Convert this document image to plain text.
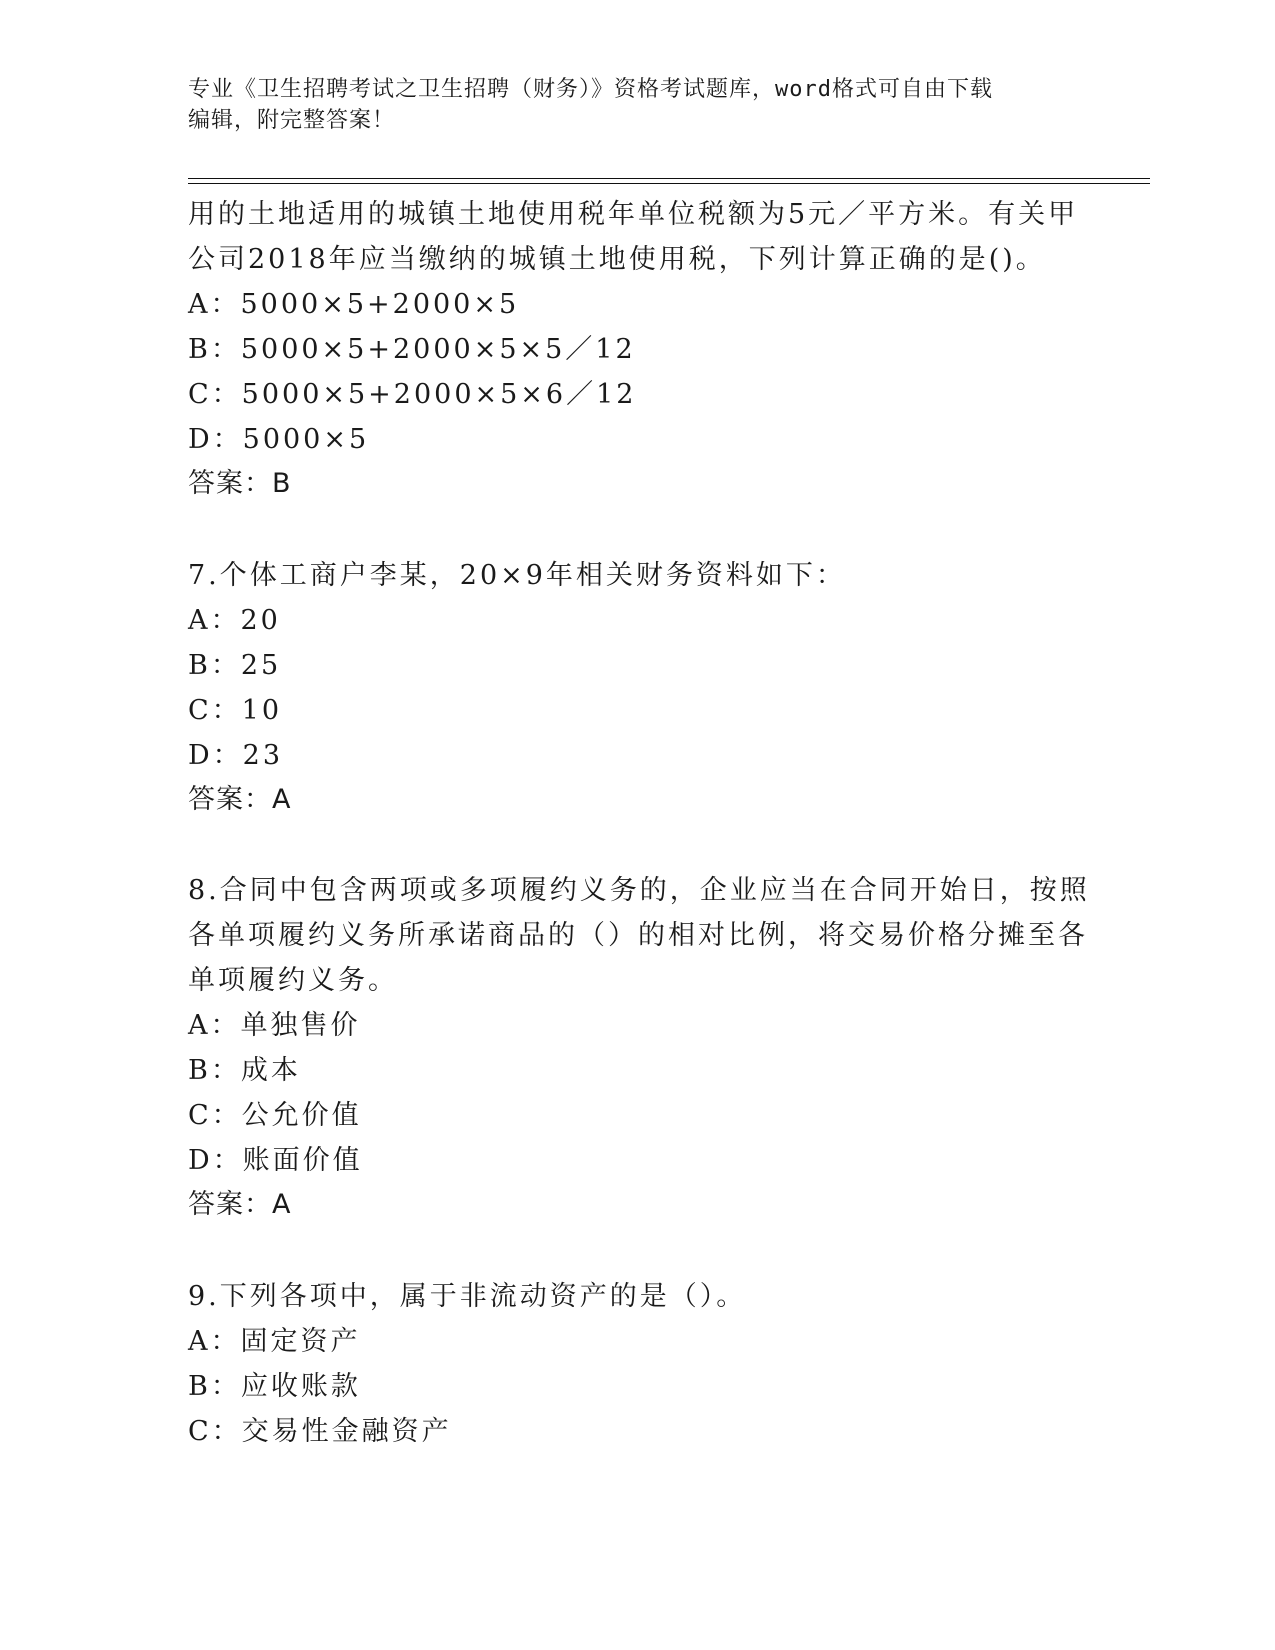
专业《卫生招聘考试之卫生招聘（财务）》资格考试题库，word格式可自由下载
编辑，附完整答案！
用的土地适用的城镇土地使用税年单位税额为5元／平方米。有关甲
公司2018年应当缴纳的城镇土地使用税，下列计算正确的是()。
A：5000×5+2000×5
B：5000×5+2000×5×5／12
C：5000×5+2000×5×6／12
D：5000×5
答案：B
7.个体工商户李某，20×9年相关财务资料如下：
A：20
B：25
C：10
D：23
答案：A
8.合同中包含两项或多项履约义务的，企业应当在合同开始日，按照
各单项履约义务所承诺商品的（）的相对比例，将交易价格分摊至各
单项履约义务。
A：单独售价
B：成本
C：公允价值
D：账面价值
答案：A
9.下列各项中，属于非流动资产的是（）。
A：固定资产
B：应收账款
C：交易性金融资产
